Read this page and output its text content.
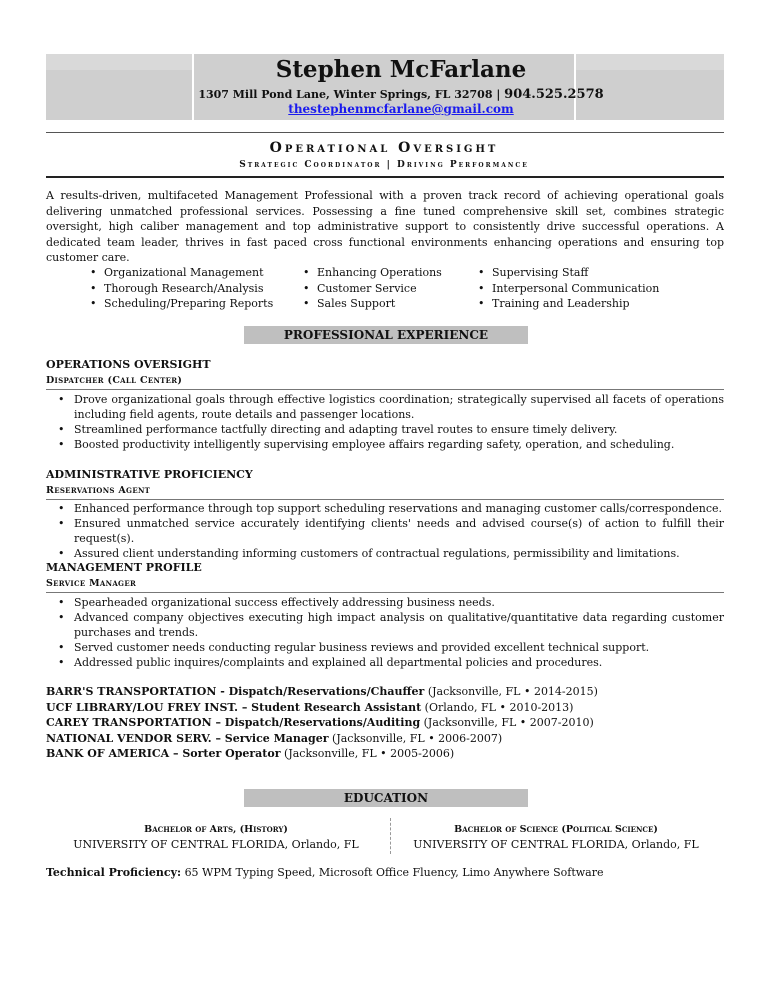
Stephen McFarlane
1307 Mill Pond Lane, Winter Springs, FL 32708 | 904.525.2578
thestephenmcfarlane@gmail.com
Operational Oversight
Strategic Coordinator | Driving Performance

A results-driven, multifaceted Management Professional with a proven track record of achieving operational goals delivering unmatched professional services. Possessing a fine tuned comprehensive skill set, combines strategic oversight, high caliber management and top administrative support to consistently drive successful operations. A dedicated team leader, thrives in fast paced cross functional environments enhancing operations and ensuring top customer care.

• Organizational Management
• Thorough Research/Analysis
• Scheduling/Preparing Reports
• Enhancing Operations
• Customer Service
• Sales Support
• Supervising Staff
• Interpersonal Communication
• Training and Leadership
PROFESSIONAL EXPERIENCE
OPERATIONS OVERSIGHT
Dispatcher (Call Center)
• Drove organizational goals through effective logistics coordination; strategically supervised all facets of operations including field agents, route details and passenger locations.
• Streamlined performance tactfully directing and adapting travel routes to ensure timely delivery.
• Boosted productivity intelligently supervising employee affairs regarding safety, operation, and scheduling.
ADMINISTRATIVE PROFICIENCY
Reservations Agent
• Enhanced performance through top support scheduling reservations and managing customer calls/correspondence.
• Ensured unmatched service accurately identifying clients' needs and advised course(s) of action to fulfill their request(s).
• Assured client understanding informing customers of contractual regulations, permissibility and limitations.
MANAGEMENT PROFILE
Service Manager
• Spearheaded organizational success effectively addressing business needs.
• Advanced company objectives executing high impact analysis on qualitative/quantitative data regarding customer purchases and trends.
• Served customer needs conducting regular business reviews and provided excellent technical support.
• Addressed public inquires/complaints and explained all departmental policies and procedures.
BARR'S TRANSPORTATION - Dispatch/Reservations/Chauffer (Jacksonville, FL • 2014-2015)
UCF LIBRARY/LOU FREY INST. – Student Research Assistant (Orlando, FL • 2010-2013)
CAREY TRANSPORTATION – Dispatch/Reservations/Auditing (Jacksonville, FL • 2007-2010)
NATIONAL VENDOR SERV. – Service Manager (Jacksonville, FL • 2006-2007)
BANK OF AMERICA – Sorter Operator (Jacksonville, FL • 2005-2006)
EDUCATION
Bachelor of Arts, (History)
UNIVERSITY OF CENTRAL FLORIDA, Orlando, FL
Bachelor of Science (Political Science)
UNIVERSITY OF CENTRAL FLORIDA, Orlando, FL
Technical Proficiency: 65 WPM Typing Speed, Microsoft Office Fluency, Limo Anywhere Software
